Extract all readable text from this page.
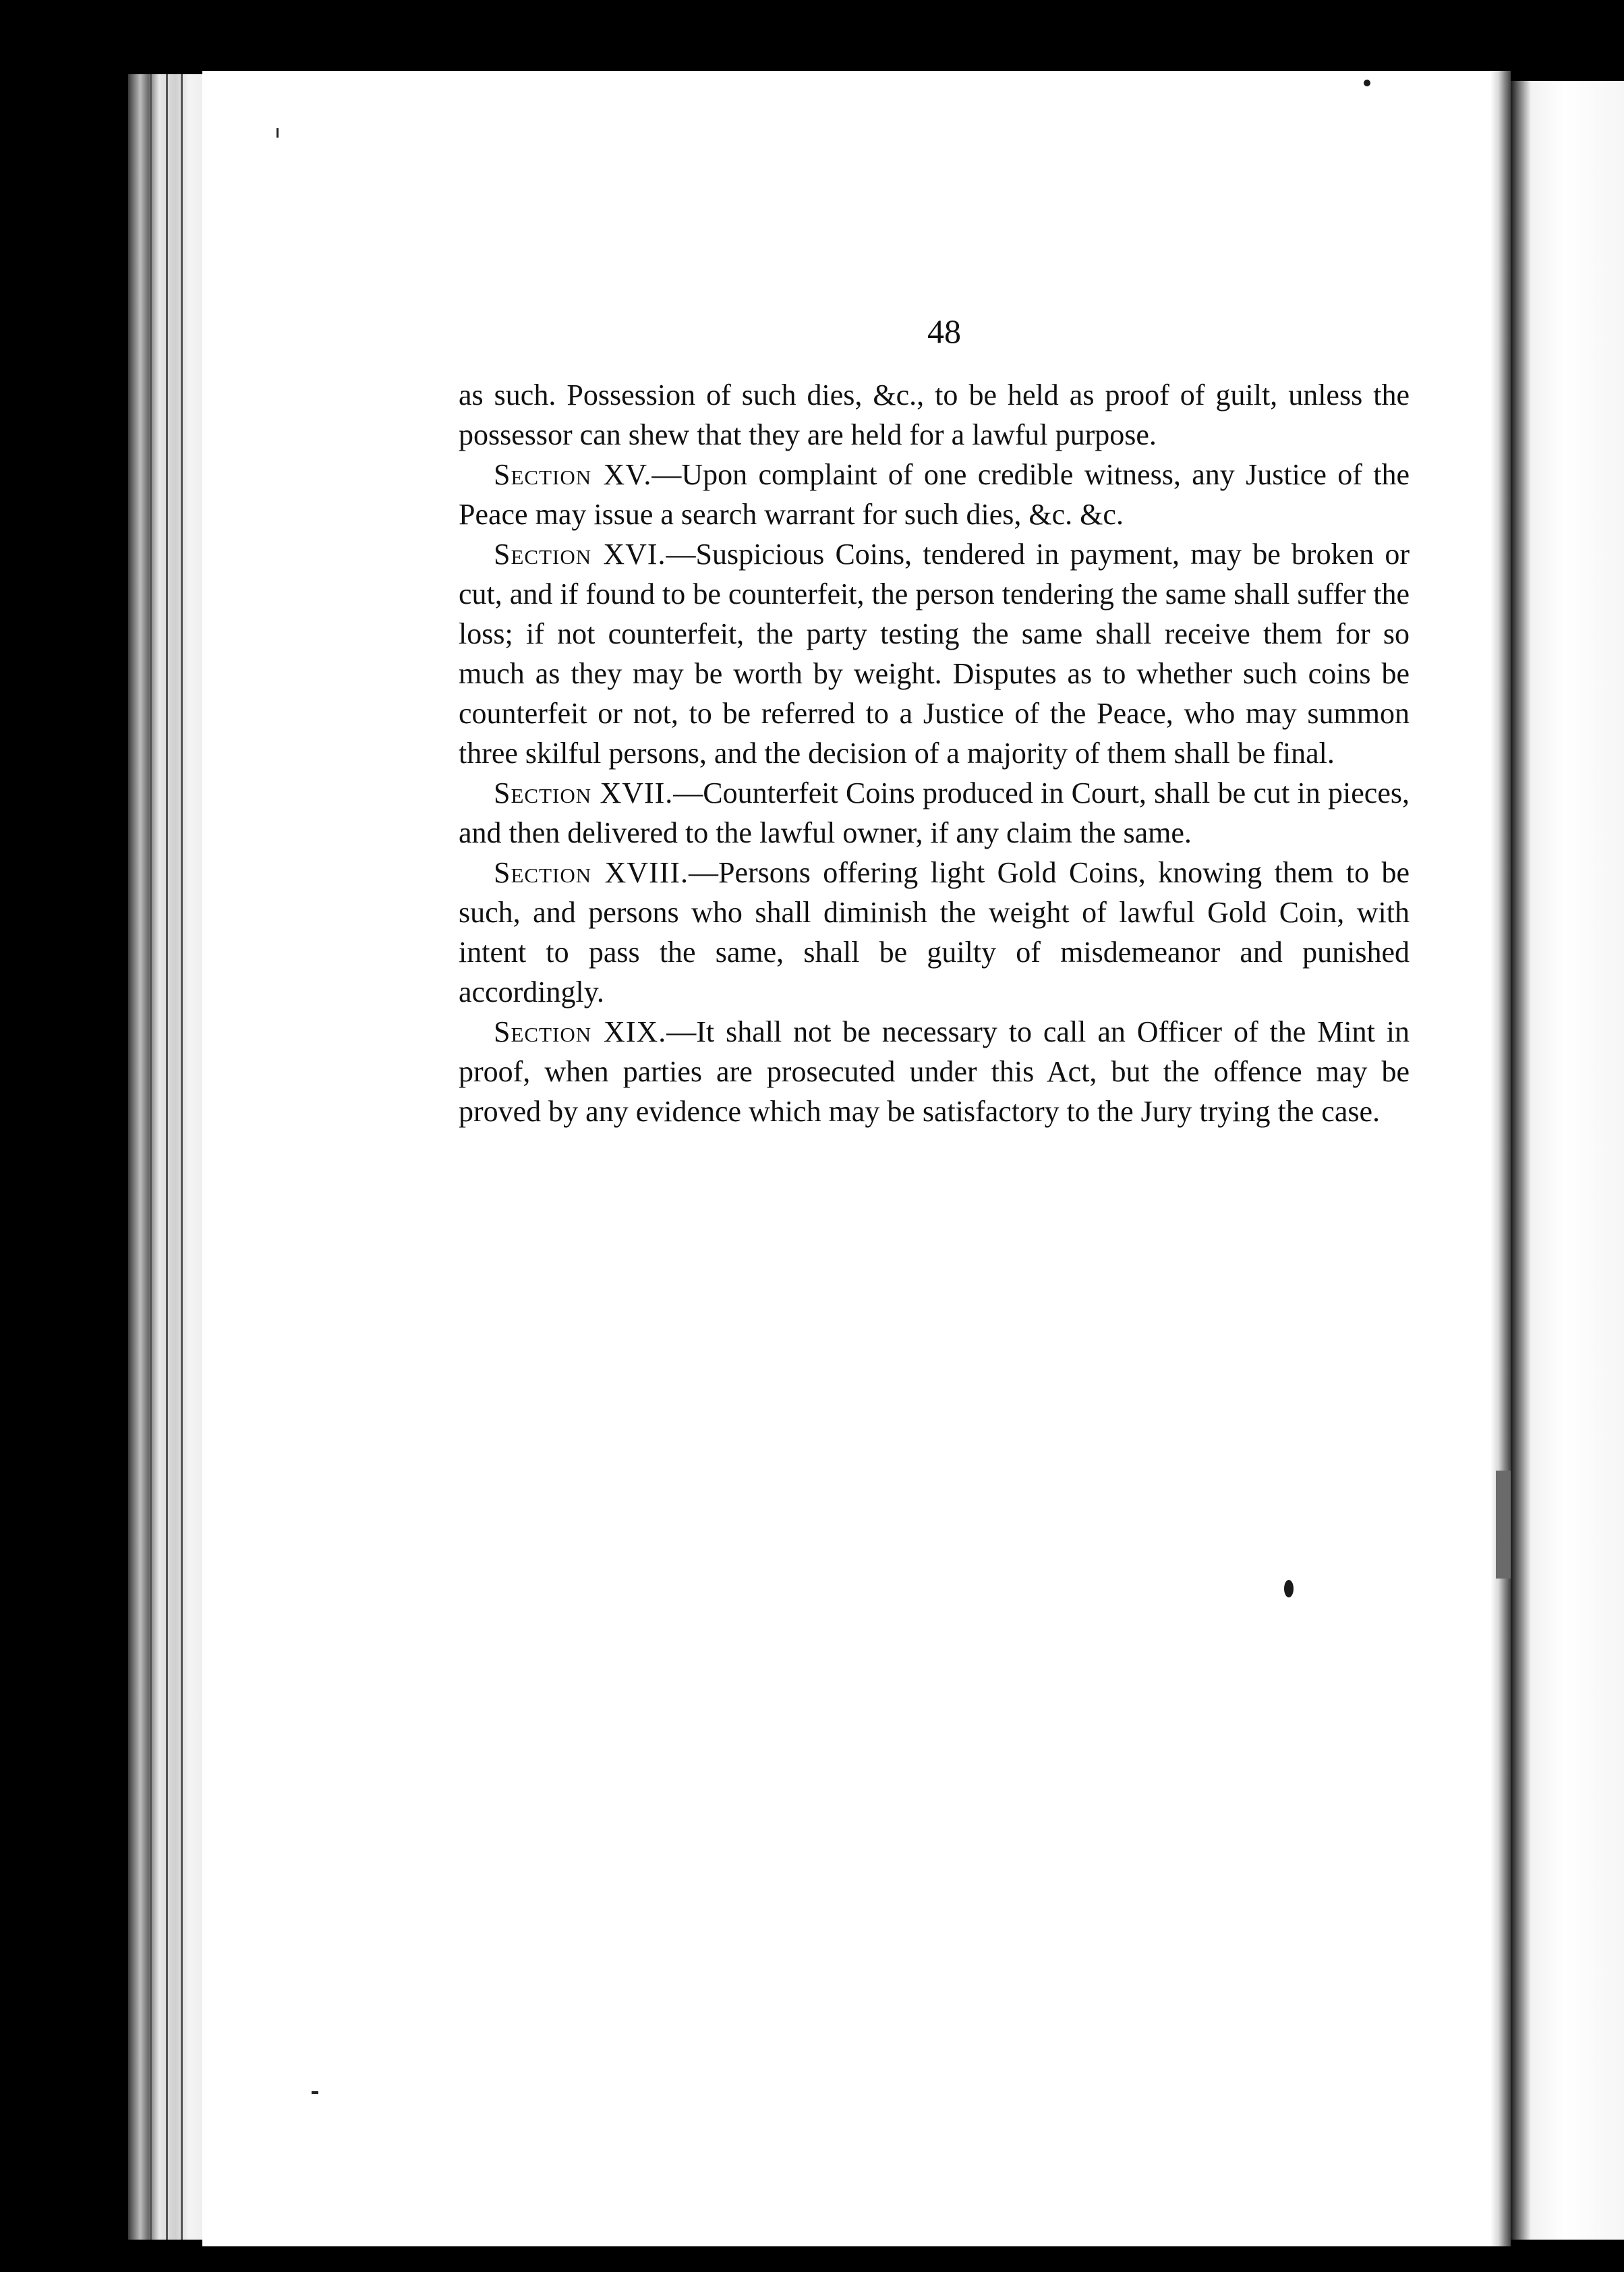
48

as such. Possession of such dies, &c., to be held as proof of guilt, unless the possessor can shew that they are held for a lawful purpose.

Section XV.—Upon complaint of one credible witness, any Justice of the Peace may issue a search warrant for such dies, &c. &c.

Section XVI.—Suspicious Coins, tendered in payment, may be broken or cut, and if found to be counterfeit, the person tendering the same shall suffer the loss; if not counterfeit, the party testing the same shall receive them for so much as they may be worth by weight. Disputes as to whether such coins be counterfeit or not, to be referred to a Justice of the Peace, who may summon three skilful persons, and the decision of a majority of them shall be final.

Section XVII.—Counterfeit Coins produced in Court, shall be cut in pieces, and then delivered to the lawful owner, if any claim the same.

Section XVIII.—Persons offering light Gold Coins, knowing them to be such, and persons who shall diminish the weight of lawful Gold Coin, with intent to pass the same, shall be guilty of misdemeanor and punished accordingly.

Section XIX.—It shall not be necessary to call an Officer of the Mint in proof, when parties are prosecuted under this Act, but the offence may be proved by any evidence which may be satisfactory to the Jury trying the case.
